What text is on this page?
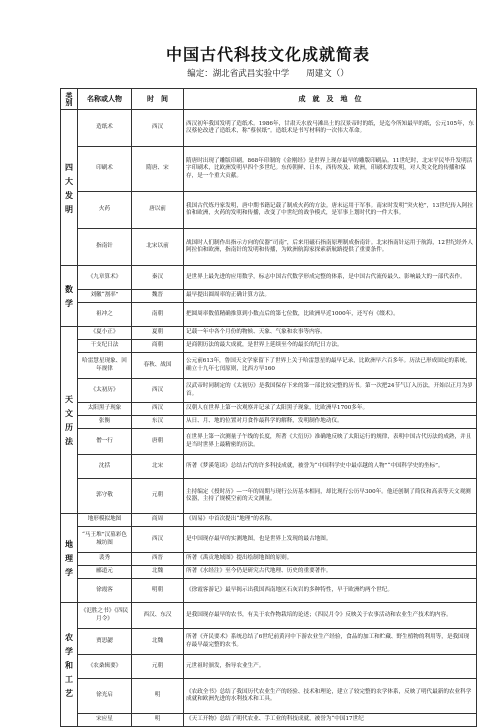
中国古代科技文化成就简表
编定：湖北省武昌实验中学　　周建文（）
类别	名称或人物	时　间	成　就　及　地　位

四
大
发
明	造纸术	西汉	西汉初年我国发明了造纸术。1986年，甘肃天水放马滩出土的汉景帝时的纸，是迄今所知最早的纸，公元105年，东汉蔡伦改进了造纸术，称“蔡侯纸”。造纸术是书写材料的一次伟大革命。
	印刷术	隋唐、宋	隋唐时出现了雕版印刷。868年印制的《金刚经》是世界上现存最早的雕版印刷品。11世纪时，北宋平民毕升发明活字印刷术，比欧洲发明早四个多世纪。东传朝鲜、日本，西传埃及、欧洲，印刷术的发明，对人类文化的传播和保存，是一个重大贡献。
	火药	唐以前	我国古代炼丹家发明，唐中期书籍记载了制成火药的方法。唐末运用于军事。南宋时发明“突火枪”，13世纪传入阿拉伯和欧洲，火药的发明和传播，改变了中世纪的战争模式，是军事上划时代的一件大事。
	指南针	北宋以前	战国时人们制作出指示方向的仪器“司南”，后来用磁石指南原理制成指南针。北宋指南针运用于航海，12世纪经外人阿拉伯和欧洲，指南针的发明和传播，为欧洲航海家探索新航路提供了重要条件。

数
学	《九章算术》	秦汉	是世界上最先进的应用数学，标志中国古代数学形成完整的体系，是中国古代流传最久、影响最大的一部代表作。
	刘徽“割率”	魏晋	最早提出圆周率的正确计算方法。
	祖冲之	南朝	把圆周率数值精确推算到小数点后的第七位数，比欧洲早近1000年，还写有《缀术》。

天
文
历
法	《夏小正》	夏朝	记载一年中各个月份的物候、天象、气象和农事等内容。
	干支纪日法	商朝	是商朝历法的最大成就，是世界上延续至今的最长的纪日方法。
	哈雷慧星现象、回年规律	春秋、战国	公元前613年，鲁国天文学家留下了世界上关于哈雷慧星的最早记录，比欧洲早六百多年。历法已形成固定的系统，确立十九年七闰原则，比西方早160
	《太初历》	西汉	汉武帝时同制定的《太初历》是我国保存下来的第一部比较完整的历书。第一次把24节气订入历法，开始以正月为岁首。
	太阳黑子现象	西汉	汉朝人在世界上第一次观察并记录了太阳黑子现象，比欧洲早1700多年。
	张衡	东汉	从日、月、地的位置对月食作最科学的解释，发明制作地动仪。
	僧一行	唐朝	在世界上第一次测量子午线的长度，所著《大衍历》准确地反映了太阳运行的规律，表明中国古代历法的成熟，并且是当时世界上最精密的历法。
	沈括	北宋	所著《梦溪笔谈》总结古代的许多科技成就，被誉为“中国科学史中最卓越的人物”“中国科学史的坐标”。
	郭守敬	元朝	主持编定《授时历》—一年的周期与现行公历基本相同，却比现行公历早300年。他还创制了简仪和高表等天文观测仪器，主持了规模空前的天文测量。

地
理
学	地形模拟地图	商周	《周易》中首次提出“地理”的名称。
	“马王堆”汉墓彩色城坊图	西汉	是中国现存最早的实测地图，也是世界上发现的最古地图。
	裴秀	西晋	所著《禹贡地域图》提出绘制地图的原则。
	郦道元	北魏	所著《水经注》至今仍是研究古代地理、历史的重要著作。
	徐霞客	明朝	《徐霞客游记》最早揭示出我国西南地区石灰岩的多种特性，早于欧洲约两个世纪。

农
学
和
工
艺	《氾胜之书》《四民月令》	西汉、东汉	是我国现存最早的农书，有关于农作物栽培的论述；《四民月令》反映关于农事活动和农业生产技术的内容。
	贾思勰	北魏	所著《齐民要术》系统总结了6世纪前黄河中下游农业生产经验，食品的加工和贮藏、野生植物的利用等，是我国现存最早最完整的农书。
	《农桑辑要》	元朝	元世祖时颁发，指导农业生产。
	徐光启	明	《农政全书》总结了我国历代农业生产的经验、技术和理论，建立了较完整的农学体系，反映了明代最新的农业科学成就和欧洲先进的水利技术和工具。
	宋应星	明	《天工开物》总结了明代农业、手工业的科技成就，被誉为“中国17世纪
